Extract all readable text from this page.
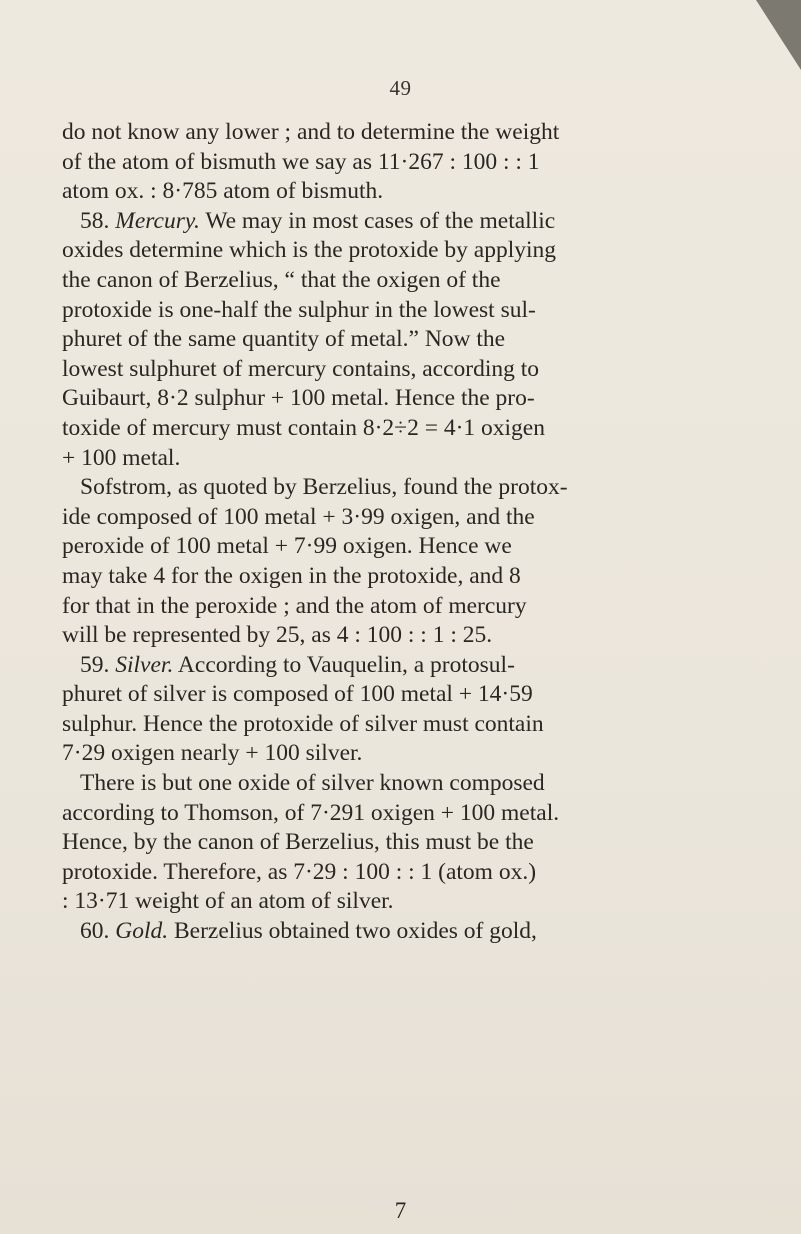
49
do not know any lower ; and to determine the weight
of the atom of bismuth we say as 11·267 : 100 : : 1
atom ox. : 8·785 atom of bismuth.
58. Mercury. We may in most cases of the metallic
oxides determine which is the protoxide by applying
the canon of Berzelius, “ that the oxigen of the
protoxide is one-half the sulphur in the lowest sul-
phuret of the same quantity of metal.” Now the
lowest sulphuret of mercury contains, according to
Guibaurt, 8·2 sulphur + 100 metal. Hence the pro-
toxide of mercury must contain 8·2÷2 = 4·1 oxigen
+ 100 metal.
Sofstrom, as quoted by Berzelius, found the protox-
ide composed of 100 metal + 3·99 oxigen, and the
peroxide of 100 metal + 7·99 oxigen. Hence we
may take 4 for the oxigen in the protoxide, and 8
for that in the peroxide ; and the atom of mercury
will be represented by 25, as 4 : 100 : : 1 : 25.
59. Silver. According to Vauquelin, a protosul-
phuret of silver is composed of 100 metal + 14·59
sulphur. Hence the protoxide of silver must contain
7·29 oxigen nearly + 100 silver.
There is but one oxide of silver known composed
according to Thomson, of 7·291 oxigen + 100 metal.
Hence, by the canon of Berzelius, this must be the
protoxide. Therefore, as 7·29 : 100 : : 1 (atom ox.)
: 13·71 weight of an atom of silver.
60. Gold. Berzelius obtained two oxides of gold,
7
